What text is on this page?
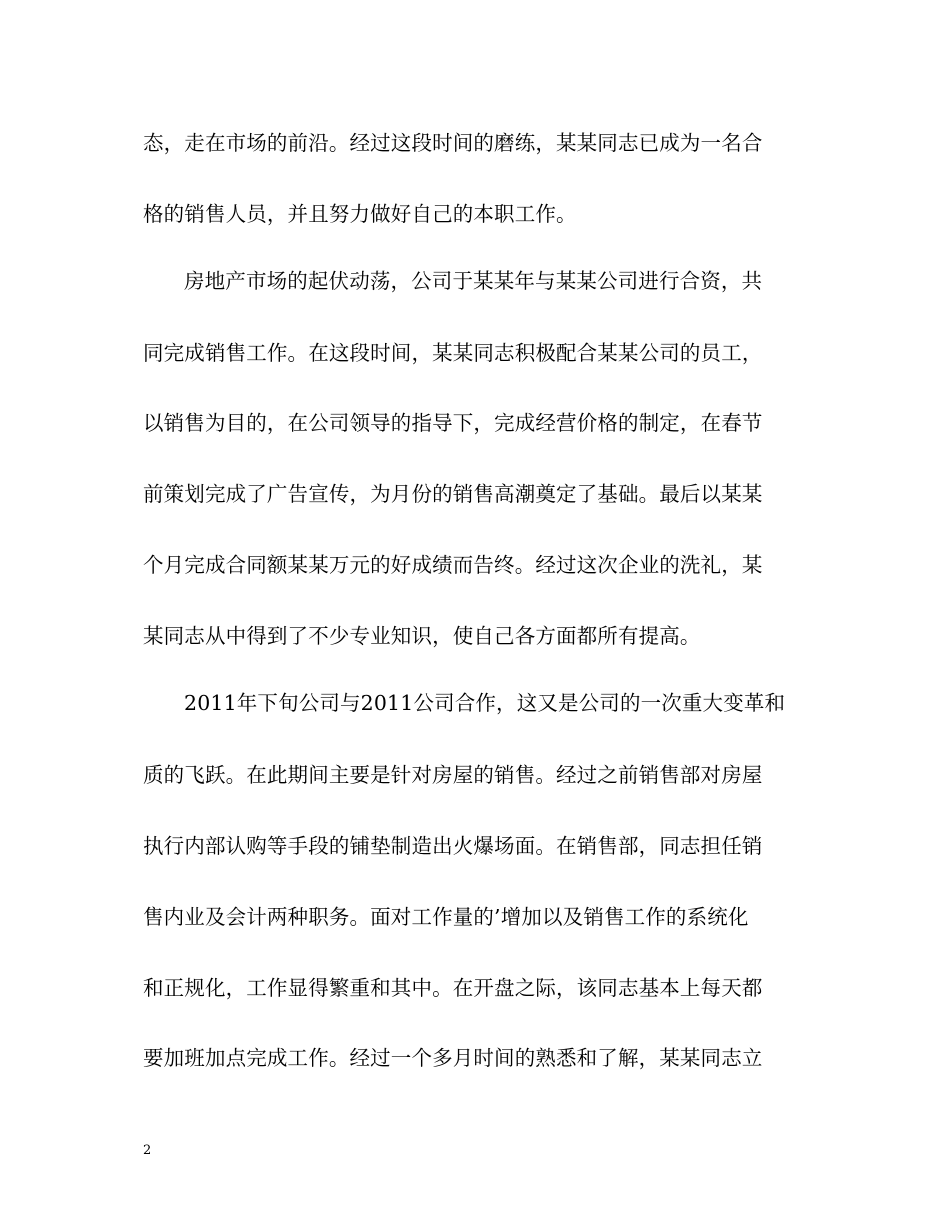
态，走在市场的前沿。经过这段时间的磨练，某某同志已成为一名合
格的销售人员，并且努力做好自己的本职工作。
房地产市场的起伏动荡，公司于某某年与某某公司进行合资，共
同完成销售工作。在这段时间，某某同志积极配合某某公司的员工，
以销售为目的，在公司领导的指导下，完成经营价格的制定，在春节
前策划完成了广告宣传，为月份的销售高潮奠定了基础。最后以某某
个月完成合同额某某万元的好成绩而告终。经过这次企业的洗礼，某
某同志从中得到了不少专业知识，使自己各方面都所有提高。
2011年下旬公司与2011公司合作，这又是公司的一次重大变革和
质的飞跃。在此期间主要是针对房屋的销售。经过之前销售部对房屋
执行内部认购等手段的铺垫制造出火爆场面。在销售部，同志担任销
售内业及会计两种职务。面对工作量的’增加以及销售工作的系统化
和正规化，工作显得繁重和其中。在开盘之际，该同志基本上每天都
要加班加点完成工作。经过一个多月时间的熟悉和了解，某某同志立
2
